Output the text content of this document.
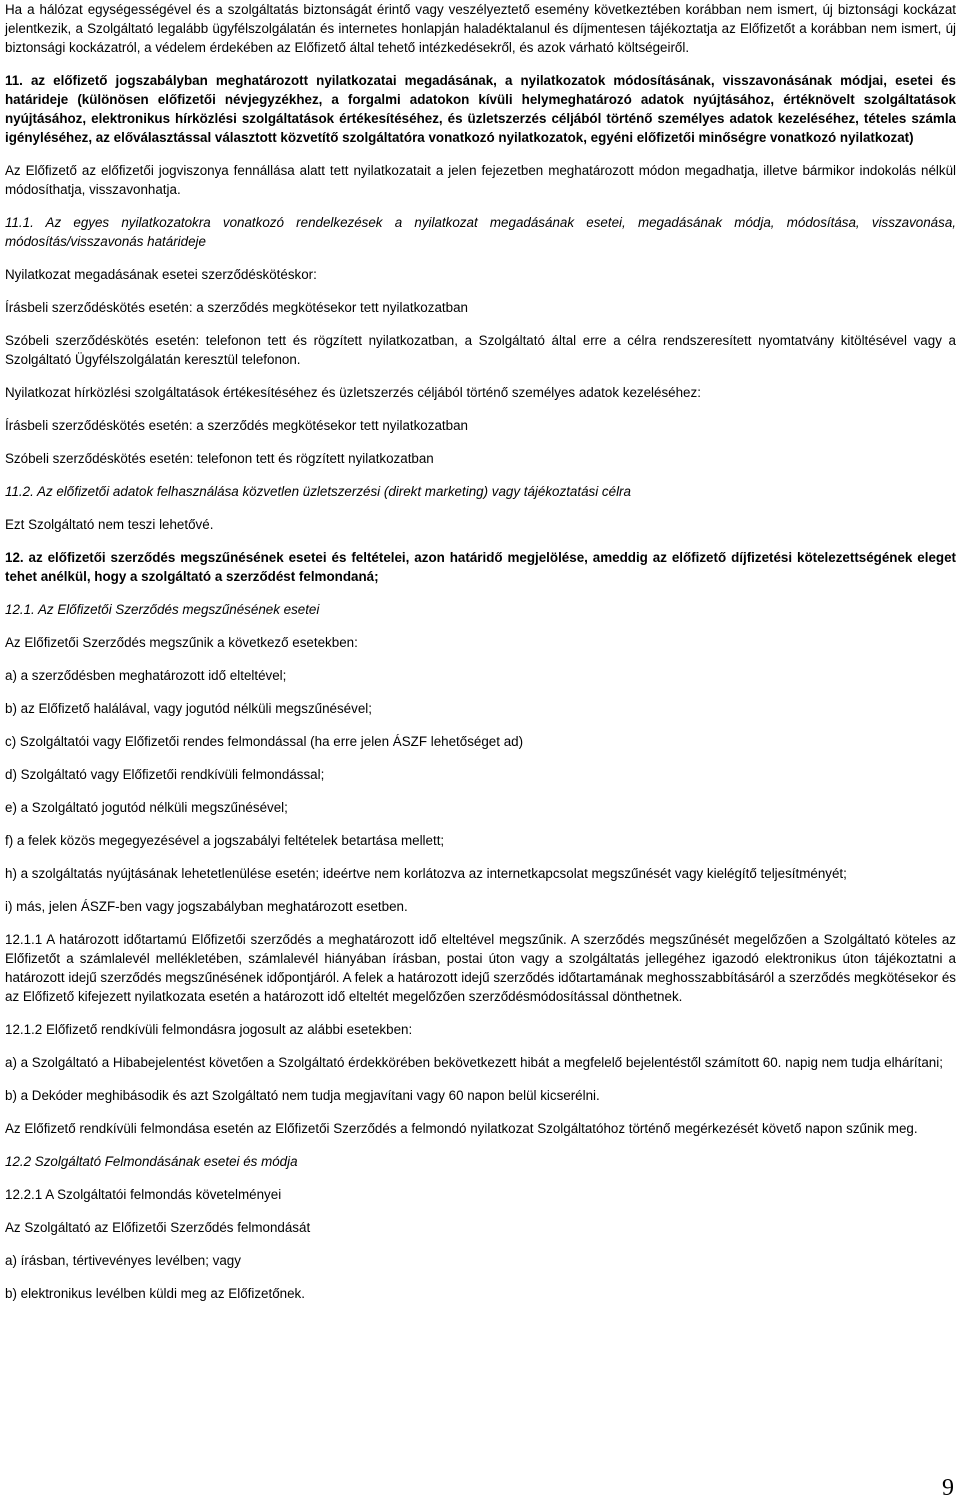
Ha a hálózat egységességével és a szolgáltatás biztonságát érintő vagy veszélyeztető esemény következtében korábban nem ismert, új biztonsági kockázat jelentkezik, a Szolgáltató legalább ügyfélszolgálatán és internetes honlapján haladéktalanul és díjmentesen tájékoztatja az Előfizetőt a korábban nem ismert, új biztonsági kockázatról, a védelem érdekében az Előfizető által tehető intézkedésekről, és azok várható költségeiről.

11. az előfizető jogszabályban meghatározott nyilatkozatai megadásának, a nyilatkozatok módosításának, visszavonásának módjai, esetei és határideje (különösen előfizetői névjegyzékhez, a forgalmi adatokon kívüli helymeghatározó adatok nyújtásához, értéknövelt szolgáltatások nyújtásához, elektronikus hírközlési szolgáltatások értékesítéséhez, és üzletszerzés céljából történő személyes adatok kezeléséhez, tételes számla igényléséhez, az előválasztással választott közvetítő szolgáltatóra vonatkozó nyilatkozatok, egyéni előfizetői minőségre vonatkozó nyilatkozat)

Az Előfizető az előfizetői jogviszonya fennállása alatt tett nyilatkozatait a jelen fejezetben meghatározott módon megadhatja, illetve bármikor indokolás nélkül módosíthatja, visszavonhatja.

11.1. Az egyes nyilatkozatokra vonatkozó rendelkezések a nyilatkozat megadásának esetei, megadásának módja, módosítása, visszavonása, módosítás/visszavonás határideje

Nyilatkozat megadásának esetei szerződéskötéskor:

Írásbeli szerződéskötés esetén: a szerződés megkötésekor tett nyilatkozatban

Szóbeli szerződéskötés esetén: telefonon tett és rögzített nyilatkozatban, a Szolgáltató által erre a célra rendszeresített nyomtatvány kitöltésével vagy a Szolgáltató Ügyfélszolgálatán keresztül telefonon.

Nyilatkozat hírközlési szolgáltatások értékesítéséhez és üzletszerzés céljából történő személyes adatok kezeléséhez:

Írásbeli szerződéskötés esetén: a szerződés megkötésekor tett nyilatkozatban

Szóbeli szerződéskötés esetén: telefonon tett és rögzített nyilatkozatban

11.2. Az előfizetői adatok felhasználása közvetlen üzletszerzési (direkt marketing) vagy tájékoztatási célra

Ezt Szolgáltató nem teszi lehetővé.

12. az előfizetői szerződés megszűnésének esetei és feltételei, azon határidő megjelölése, ameddig az előfizető díjfizetési kötelezettségének eleget tehet anélkül, hogy a szolgáltató a szerződést felmondaná;

12.1. Az Előfizetői Szerződés megszűnésének esetei

Az Előfizetői Szerződés megszűnik a következő esetekben:

a) a szerződésben meghatározott idő elteltével;

b) az Előfizető halálával, vagy jogutód nélküli megszűnésével;

c) Szolgáltatói vagy Előfizetői rendes felmondással (ha erre jelen ÁSZF lehetőséget ad)

d) Szolgáltató vagy Előfizetői rendkívüli felmondással;

e) a Szolgáltató jogutód nélküli megszűnésével;

f) a felek közös megegyezésével a jogszabályi feltételek betartása mellett;

h) a szolgáltatás nyújtásának lehetetlenülése esetén; ideértve nem korlátozva az internetkapcsolat megszűnését vagy kielégítő teljesítményét;

i) más, jelen ÁSZF-ben vagy jogszabályban meghatározott esetben.

12.1.1 A határozott időtartamú Előfizetői szerződés a meghatározott idő elteltével megszűnik. A szerződés megszűnését megelőzően a Szolgáltató köteles az Előfizetőt a számlalevél mellékletében, számlalevél hiányában írásban, postai úton vagy a szolgáltatás jellegéhez igazodó elektronikus úton tájékoztatni a határozott idejű szerződés megszűnésének időpontjáról. A felek a határozott idejű szerződés időtartamának meghosszabbításáról a szerződés megkötésekor és az Előfizető kifejezett nyilatkozata esetén a határozott idő elteltét megelőzően szerződésmódosítással dönthetnek.

12.1.2 Előfizető rendkívüli felmondásra jogosult az alábbi esetekben:

a) a Szolgáltató a Hibabejelentést követően a Szolgáltató érdekkörében bekövetkezett hibát a megfelelő bejelentéstől számított 60. napig nem tudja elhárítani;

b) a Dekóder meghibásodik és azt Szolgáltató nem tudja megjavítani vagy 60 napon belül kicserélni.

Az Előfizető rendkívüli felmondása esetén az Előfizetői Szerződés a felmondó nyilatkozat Szolgáltatóhoz történő megérkezését követő napon szűnik meg.

12.2 Szolgáltató Felmondásának esetei és módja

12.2.1 A Szolgáltatói felmondás követelményei

Az Szolgáltató az Előfizetői Szerződés felmondását

a) írásban, tértivevényes levélben; vagy

b) elektronikus levélben küldi meg az Előfizetőnek.

9
